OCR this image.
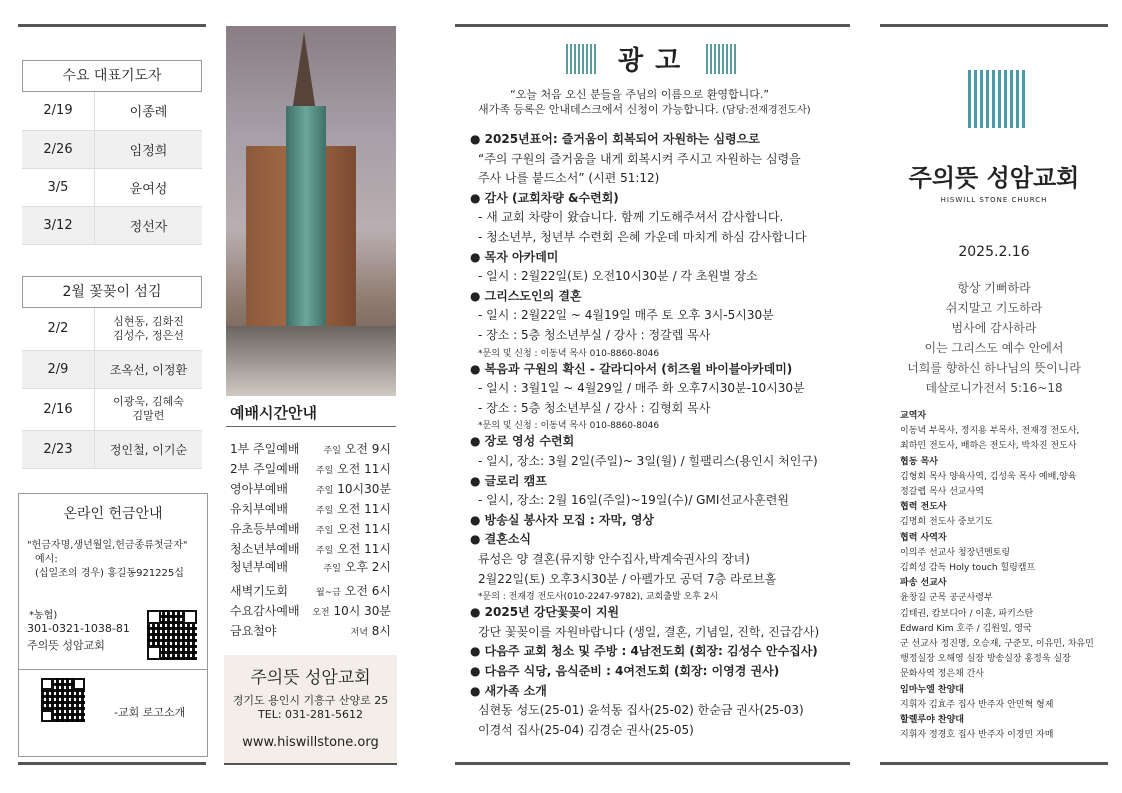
수요 대표기도자
2/19	이종례
2/26	임정희
3/5	윤여성
3/12	정선자
2월 꽃꽂이 섬김
2/2	심현동, 김화진
김성수, 정은선
2/9	조옥선, 이정환
2/16	이광욱, 김혜숙
김말련
2/23	정인철, 이기순
온라인 헌금안내
"헌금자명,생년월일,헌금종류첫글자"
예시:
(십일조의 경우) 홍길동921225십
*농협)
301-0321-1038-81
주의뜻 성암교회
-교회 로고소개
예배시간안내
1부 주일예배	주일 오전 9시
2부 주일예배 주일 오전 11시
영아부예배	주일 10시30분
유치부예배	주일 오전 11시
유초등부예배 주일 오전 11시
청소년부예배 주일 오전 11시
청년부예배	주일 오후 2시
새벽기도회	월~금 오전 6시
수요감사예배 오전 10시 30분
금요철야	저녁 8시
주의뜻 성암교회
경기도 용인시 기흥구 산양로 25
TEL: 031-281-5612
www.hiswillstone.org
광고
“오늘 처음 오신 분들을 주님의 이름으로 환영합니다.”
새가족 등록은 안내데스크에서 신청이 가능합니다. (담당:전재경전도사)
● 2025년표어: 즐거움이 회복되어 자원하는 심령으로
“주의 구원의 즐거움을 내게 회복시켜 주시고 자원하는 심령을
주사 나를 붙드소서” (시편 51:12)
● 감사 (교회차량 &수련회)
- 새 교회 차량이 왔습니다. 함께 기도해주셔서 감사합니다.
- 청소년부, 청년부 수련회 은혜 가운데 마치게 하심 감사합니다
● 목자 아카데미
- 일시 : 2월22일(토) 오전10시30분 / 각 초원별 장소
● 그리스도인의 결혼
- 일시 : 2월22일 ~ 4월19일 매주 토 오후 3시-5시30분
- 장소 : 5층 청소년부실 / 강사 : 정갈렙 목사
*문의 및 신청 : 이동녁 목사 010-8860-8046
● 복음과 구원의 확신 - 갈라디아서 (히즈윌 바이블아카데미)
- 일시 : 3월1일 ~ 4월29일 / 매주 화 오후7시30분-10시30분
- 장소 : 5층 청소년부실 / 강사 : 김형회 목사
*문의 및 신청 : 이동녁 목사 010-8860-8046
● 장로 영성 수련회
- 일시, 장소: 3월 2일(주일)~ 3일(월) / 힐팰리스(용인시 처인구)
● 글로리 캠프
- 일시, 장소: 2월 16일(주일)~19일(수)/ GMI선교사훈련원
● 방송실 봉사자 모집 : 자막, 영상
● 결혼소식
류성은 양 결혼(류지향 안수집사,박계숙권사의 장녀)
2월22일(토) 오후3시30분 / 아펠가모 공덕 7층 라로브홀
*문의 : 전재경 전도사(010-2247-9782), 교회출발 오후 2시
● 2025년 강단꽃꽂이 지원
강단 꽃꽂이를 자원바랍니다 (생일, 결혼, 기념일, 진학, 진급감사)
● 다음주 교회 청소 및 주방 : 4남전도회 (회장: 김성수 안수집사)
● 다음주 식당, 음식준비 : 4여전도회 (회장: 이영경 권사)
● 새가족 소개
심현동 성도(25-01) 윤석동 집사(25-02) 한순금 권사(25-03)
이경석 집사(25-04) 김경순 권사(25-05)
주의뜻 성암교회
HISWILL STONE CHURCH
2025.2.16
항상 기뻐하라
쉬지말고 기도하라
범사에 감사하라
이는 그리스도 예수 안에서
너희를 향하신 하나님의 뜻이니라
데살로니가전서 5:16~18
교역자
이동녁 부목사, 정지용 부목사, 전재경 전도사,
최하민 전도사, 배하은 전도사, 박차진 전도사
협동 목사
김형회 목사 양육사역, 김성욱 목사 예배,양육
정갈렙 목사 선교사역
협력 전도사
김명희 전도사 중보기도
협력 사역자
이의주 선교사 청장년멘토링
김희성 감독 Holy touch 힐링캠프
파송 선교사
윤창길 군목 공군사령부
김태권, 캄보디아 / 이훈, 파키스탄
Edward Kim 호주 / 김원일, 영국
군 선교사 정진명, 오승재, 구준모, 이유민, 차유민
행정실장 오해영 실장 방송실장 홍정욱 실장
문화사역 정은채 간사
임마누엘 찬양대
지휘자 김효주 집사 반주자 안민혁 형제
할렐루야 찬양대
지휘자 정경호 집사 반주자 이경민 자매
